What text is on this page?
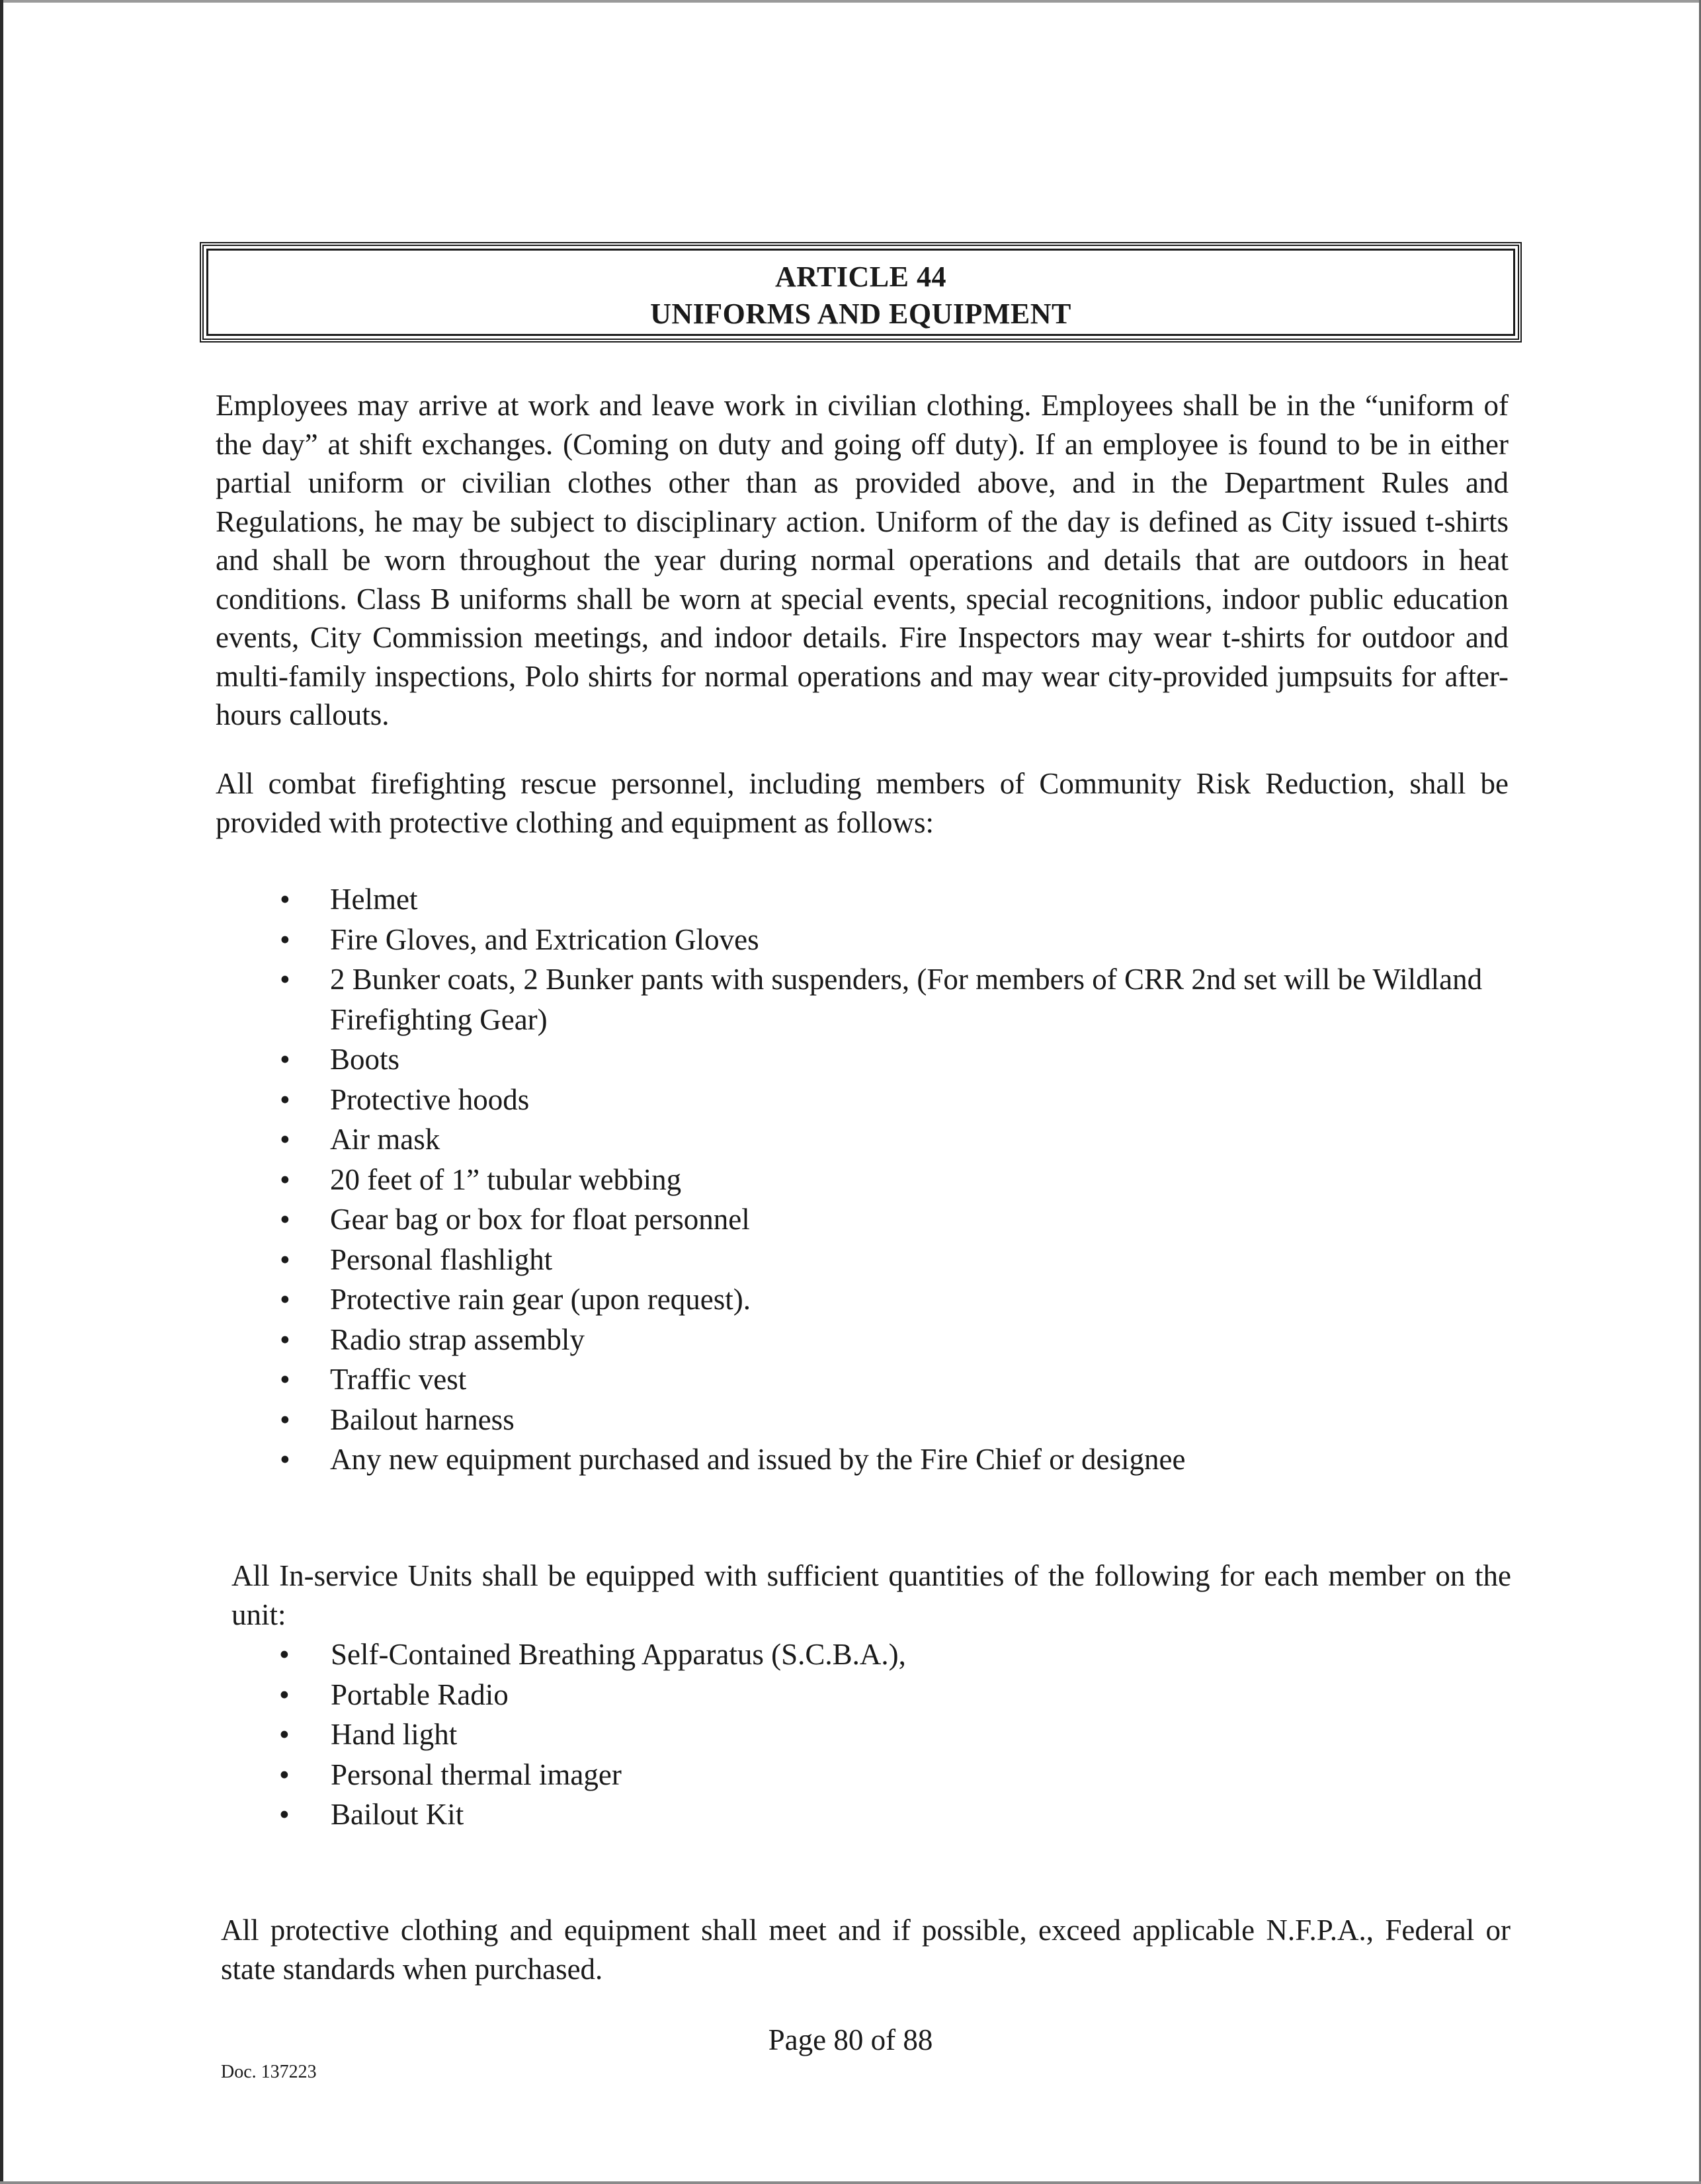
ARTICLE 44
UNIFORMS AND EQUIPMENT

Employees may arrive at work and leave work in civilian clothing. Employees shall be in the “uniform of the day” at shift exchanges. (Coming on duty and going off duty). If an employee is found to be in either partial uniform or civilian clothes other than as provided above, and in the Department Rules and Regulations, he may be subject to disciplinary action. Uniform of the day is defined as City issued t-shirts and shall be worn throughout the year during normal operations and details that are outdoors in heat conditions. Class B uniforms shall be worn at special events, special recognitions, indoor public education events, City Commission meetings, and indoor details. Fire Inspectors may wear t-shirts for outdoor and multi-family inspections, Polo shirts for normal operations and may wear city-provided jumpsuits for after-hours callouts.

All combat firefighting rescue personnel, including members of Community Risk Reduction, shall be provided with protective clothing and equipment as follows:

• Helmet
• Fire Gloves, and Extrication Gloves
• 2 Bunker coats, 2 Bunker pants with suspenders, (For members of CRR 2nd set will be Wildland Firefighting Gear)
• Boots
• Protective hoods
• Air mask
• 20 feet of 1” tubular webbing
• Gear bag or box for float personnel
• Personal flashlight
• Protective rain gear (upon request).
• Radio strap assembly
• Traffic vest
• Bailout harness
• Any new equipment purchased and issued by the Fire Chief or designee

All In-service Units shall be equipped with sufficient quantities of the following for each member on the unit:

• Self-Contained Breathing Apparatus (S.C.B.A.),
• Portable Radio
• Hand light
• Personal thermal imager
• Bailout Kit

All protective clothing and equipment shall meet and if possible, exceed applicable N.F.P.A., Federal or state standards when purchased.

Page 80 of 88
Doc. 137223
